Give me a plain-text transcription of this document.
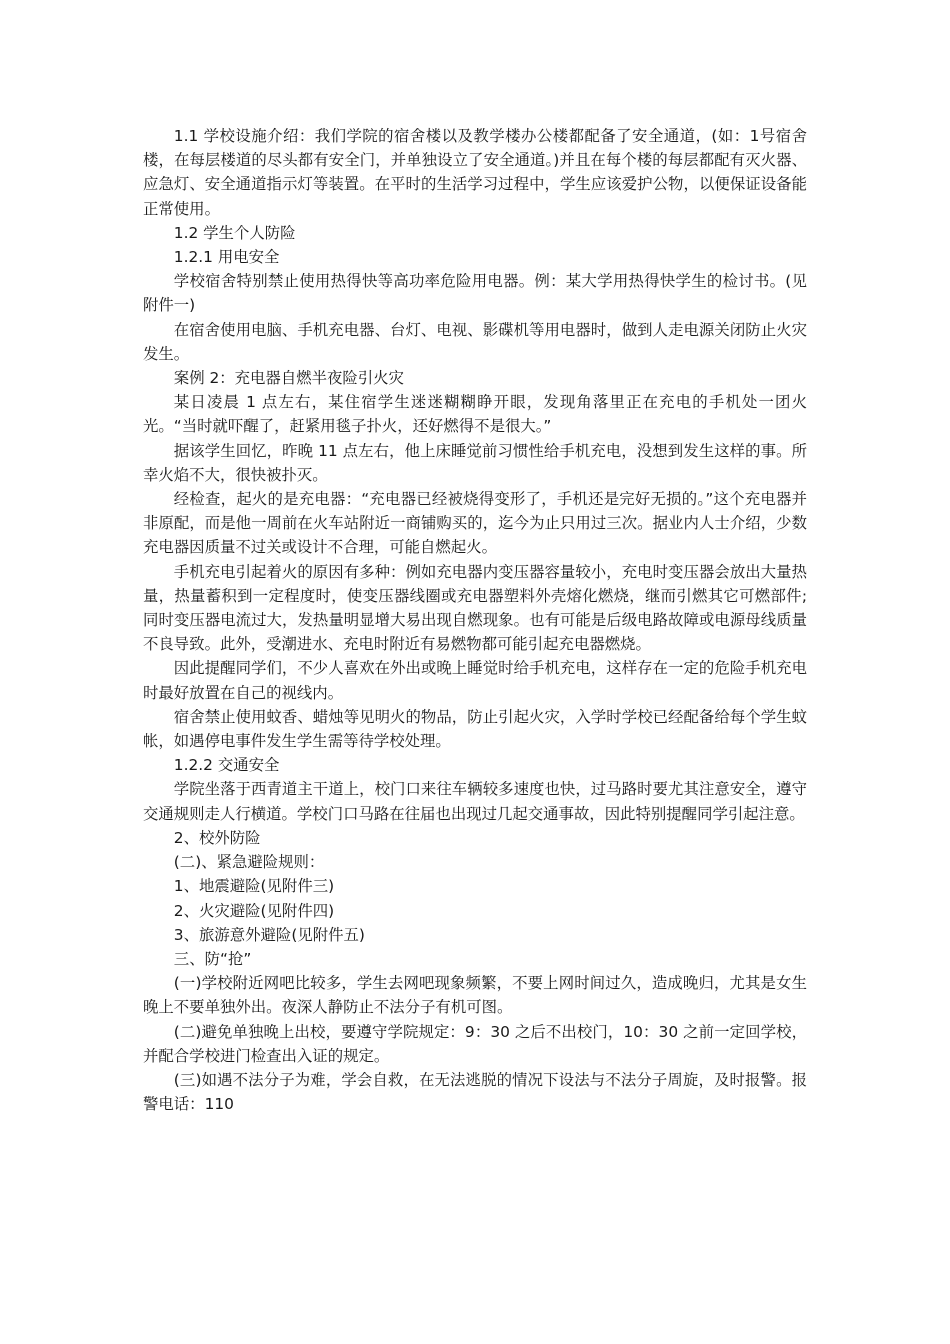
1.1 学校设施介绍：我们学院的宿舍楼以及教学楼办公楼都配备了安全通道，(如：1号宿舍楼，在每层楼道的尽头都有安全门，并单独设立了安全通道。)并且在每个楼的每层都配有灭火器、应急灯、安全通道指示灯等装置。在平时的生活学习过程中，学生应该爱护公物，以便保证设备能正常使用。

1.2 学生个人防险

1.2.1 用电安全

学校宿舍特别禁止使用热得快等高功率危险用电器。例：某大学用热得快学生的检讨书。(见附件一)

在宿舍使用电脑、手机充电器、台灯、电视、影碟机等用电器时，做到人走电源关闭防止火灾发生。

案例 2：充电器自燃半夜险引火灾

某日凌晨 1 点左右，某住宿学生迷迷糊糊睁开眼，发现角落里正在充电的手机处一团火光。“当时就吓醒了，赶紧用毯子扑火，还好燃得不是很大。”

据该学生回忆，昨晚 11 点左右，他上床睡觉前习惯性给手机充电，没想到发生这样的事。所幸火焰不大，很快被扑灭。

经检查，起火的是充电器：“充电器已经被烧得变形了，手机还是完好无损的。”这个充电器并非原配，而是他一周前在火车站附近一商铺购买的，迄今为止只用过三次。据业内人士介绍，少数充电器因质量不过关或设计不合理，可能自燃起火。

手机充电引起着火的原因有多种：例如充电器内变压器容量较小，充电时变压器会放出大量热量，热量蓄积到一定程度时，使变压器线圈或充电器塑料外壳熔化燃烧，继而引燃其它可燃部件;同时变压器电流过大，发热量明显增大易出现自燃现象。也有可能是后级电路故障或电源母线质量不良导致。此外，受潮进水、充电时附近有易燃物都可能引起充电器燃烧。

因此提醒同学们，不少人喜欢在外出或晚上睡觉时给手机充电，这样存在一定的危险手机充电时最好放置在自己的视线内。

宿舍禁止使用蚊香、蜡烛等见明火的物品，防止引起火灾，入学时学校已经配备给每个学生蚊帐，如遇停电事件发生学生需等待学校处理。

1.2.2 交通安全

学院坐落于西青道主干道上，校门口来往车辆较多速度也快，过马路时要尤其注意安全，遵守交通规则走人行横道。学校门口马路在往届也出现过几起交通事故，因此特别提醒同学引起注意。

2、校外防险

(二)、紧急避险规则：

1、地震避险(见附件三)

2、火灾避险(见附件四)

3、旅游意外避险(见附件五)

三、防“抢”

(一)学校附近网吧比较多，学生去网吧现象频繁，不要上网时间过久，造成晚归，尤其是女生晚上不要单独外出。夜深人静防止不法分子有机可图。

(二)避免单独晚上出校，要遵守学院规定：9：30 之后不出校门，10：30 之前一定回学校，并配合学校进门检查出入证的规定。

(三)如遇不法分子为难，学会自救，在无法逃脱的情况下设法与不法分子周旋，及时报警。报警电话：110
